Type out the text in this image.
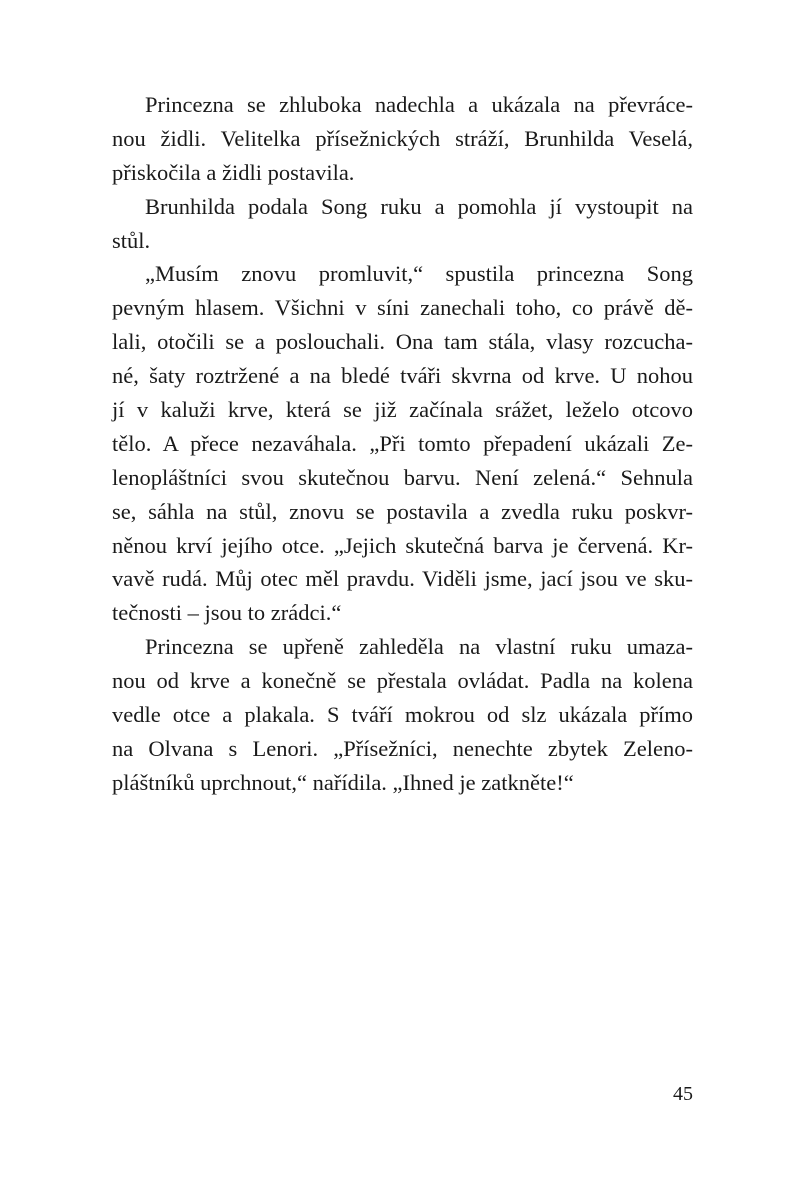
Princezna se zhluboka nadechla a ukázala na převráce-
nou židli. Velitelka přísežnických stráží, Brunhilda Veselá,
přiskočila a židli postavila.
Brunhilda podala Song ruku a pomohla jí vystoupit na
stůl.
„Musím znovu promluvit,“ spustila princezna Song
pevným hlasem. Všichni v síni zanechali toho, co právě dě-
lali, otočili se a poslouchali. Ona tam stála, vlasy rozcucha-
né, šaty roztržené a na bledé tváři skvrna od krve. U nohou
jí v kaluži krve, která se již začínala srážet, leželo otcovo
tělo. A přece nezaváhala. „Při tomto přepadení ukázali Ze-
lenopláštníci svou skutečnou barvu. Není zelená.“ Sehnula
se, sáhla na stůl, znovu se postavila a zvedla ruku poskvr-
něnou krví jejího otce. „Jejich skutečná barva je červená. Kr-
vavě rudá. Můj otec měl pravdu. Viděli jsme, jací jsou ve sku-
tečnosti – jsou to zrádci.“
Princezna se upřeně zahleděla na vlastní ruku umaza-
nou od krve a konečně se přestala ovládat. Padla na kolena
vedle otce a plakala. S tváří mokrou od slz ukázala přímo
na Olvana s Lenori. „Přísežníci, nenechte zbytek Zeleno-
pláštníků uprchnout,“ nařídila. „Ihned je zatkněte!“
45
